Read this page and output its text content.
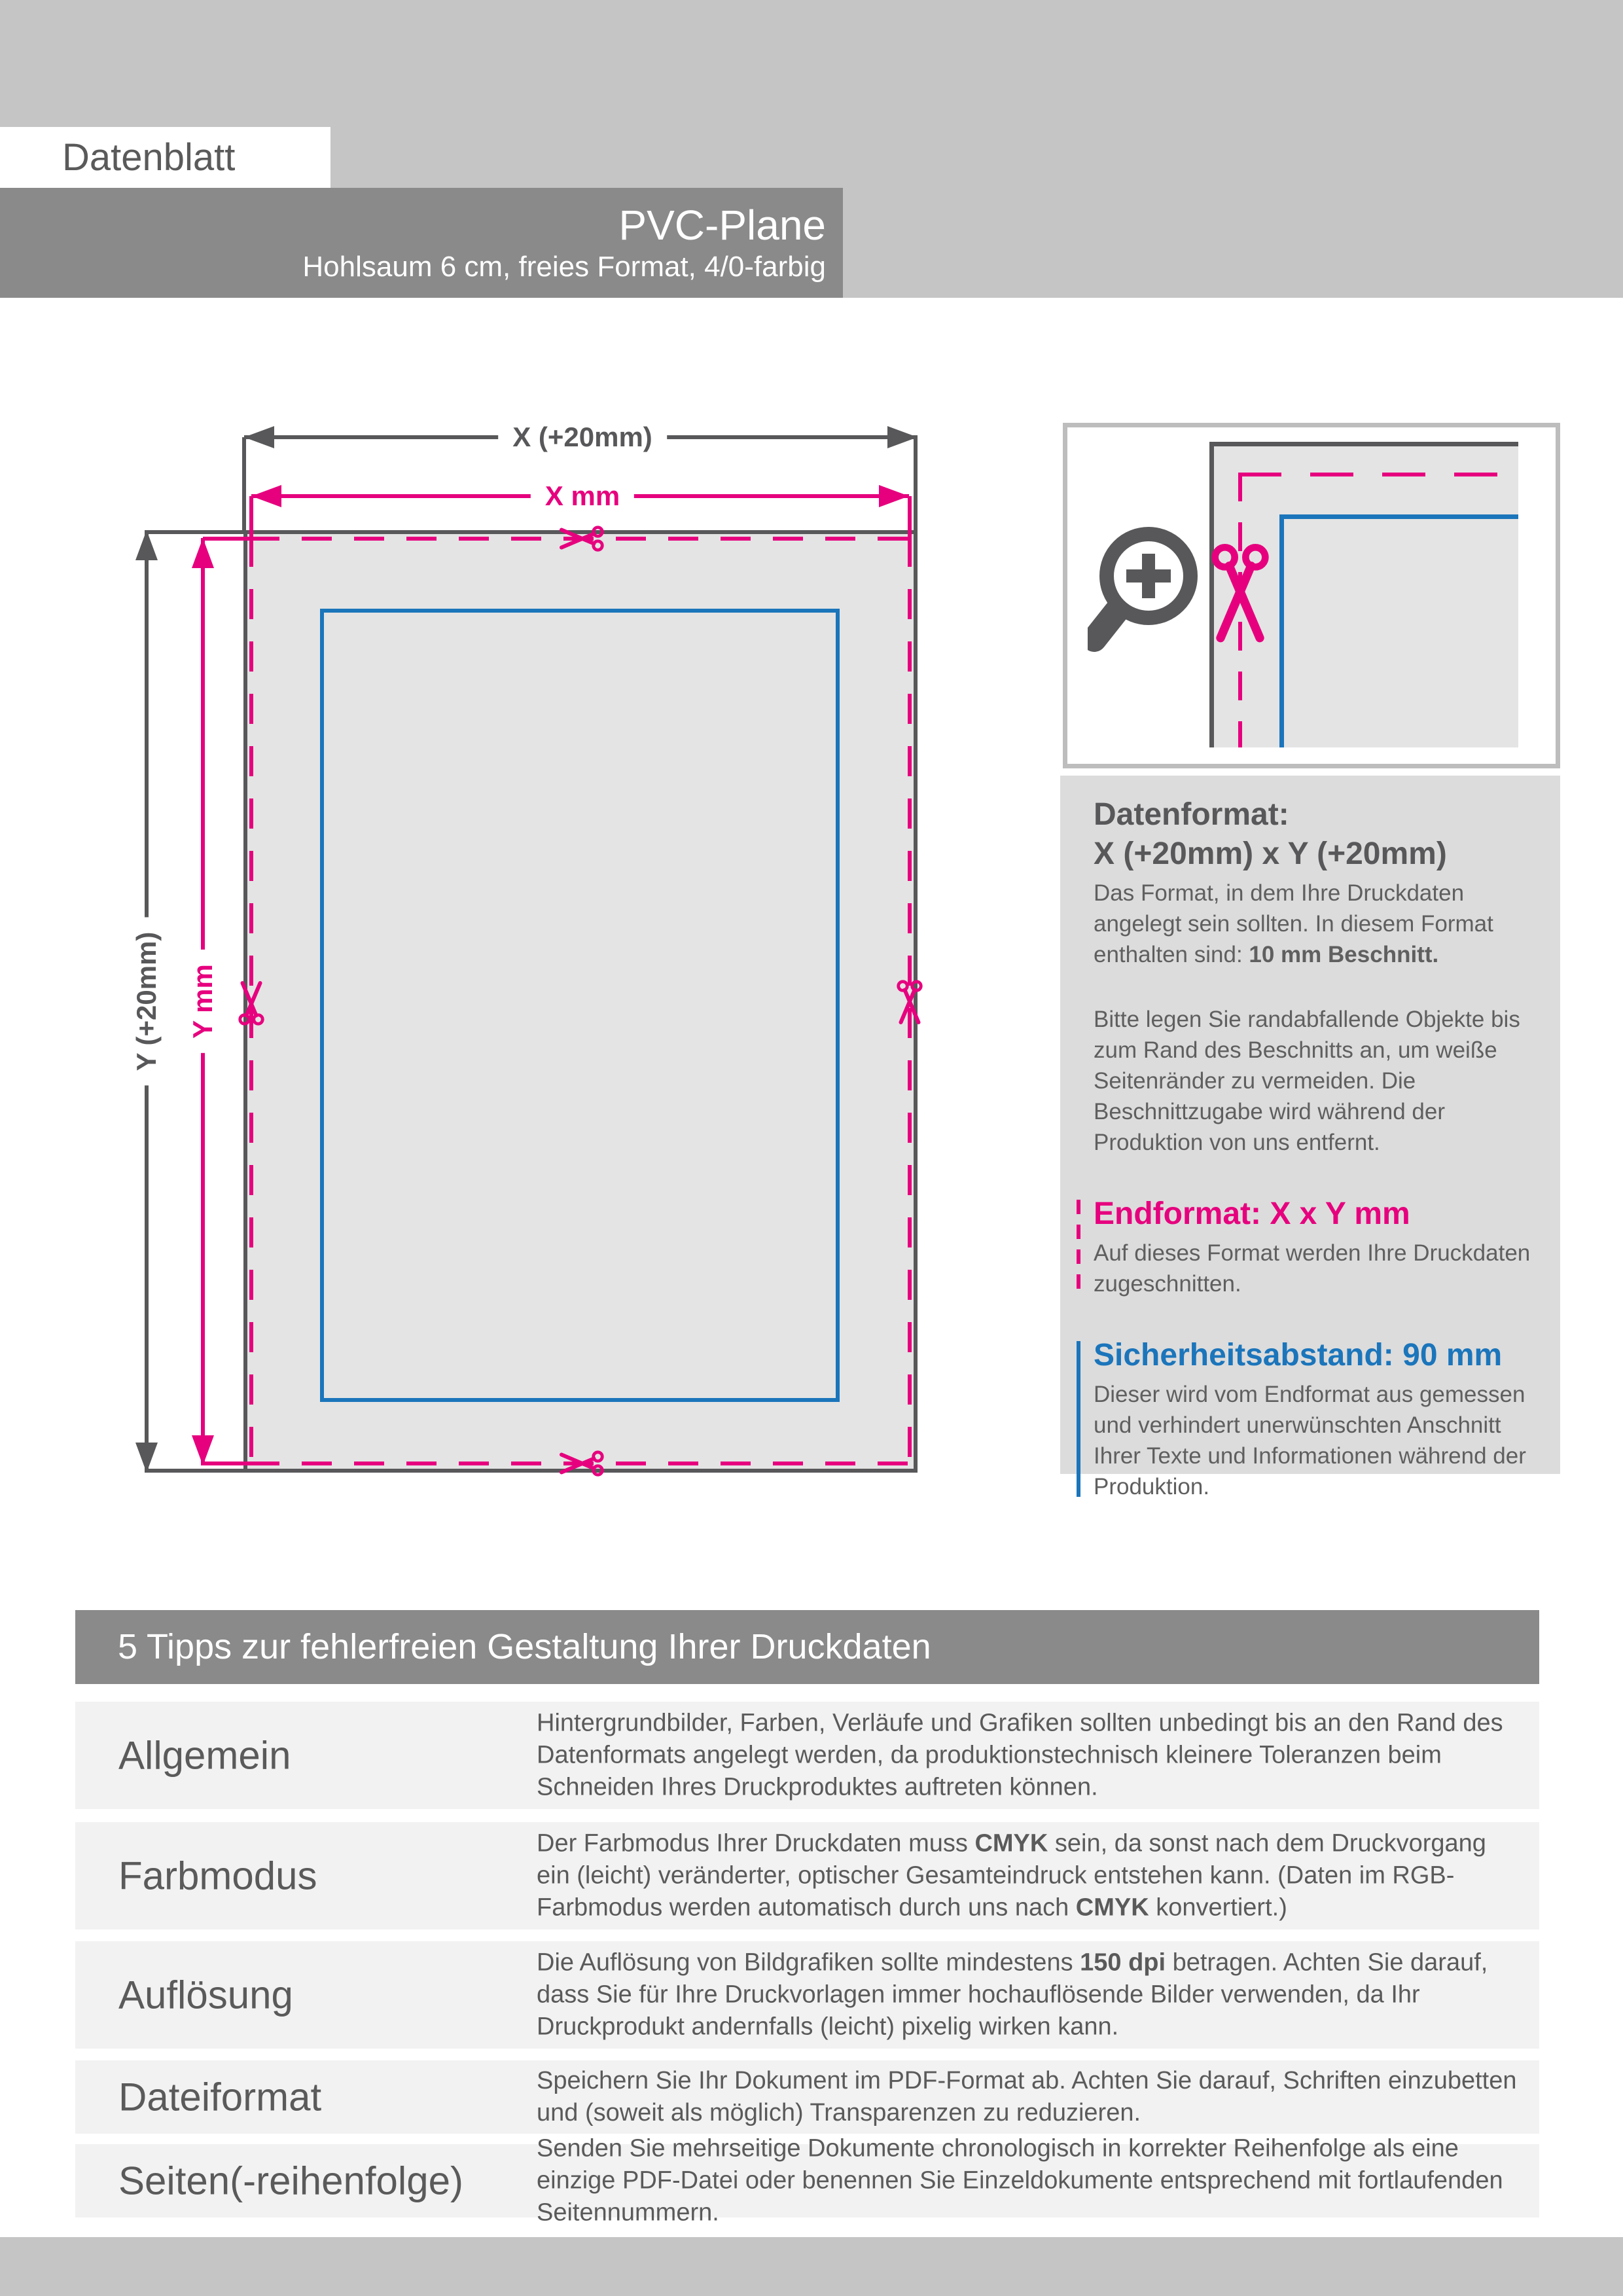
Datenblatt
PVC-Plane
Hohlsaum 6 cm, freies Format, 4/0-farbig
X (+20mm)
X mm
Y (+20mm) Y mm
Datenformat:
X (+20mm) x Y (+20mm)

Das Format, in dem Ihre Druckdaten angelegt sein sollten. In diesem Format enthalten sind: 10 mm Beschnitt.

Bitte legen Sie randabfallende Objekte bis zum Rand des Beschnitts an, um weiße Seitenränder zu vermeiden. Die Beschnittzugabe wird während der Produktion von uns entfernt.

Endformat: X x Y mm

Auf dieses Format werden Ihre Druckdaten zugeschnitten.

Sicherheitsabstand: 90 mm

Dieser wird vom Endformat aus gemessen und verhindert unerwünschten Anschnitt Ihrer Texte und Informationen während der Produktion.

5 Tipps zur fehlerfreien Gestaltung Ihrer Druckdaten
Allgemein
Hintergrundbilder, Farben, Verläufe und Grafiken sollten unbedingt bis an den Rand des Datenformats angelegt werden, da produktionstechnisch kleinere Toleranzen beim Schneiden Ihres Druckproduktes auftreten können.
Farbmodus
Der Farbmodus Ihrer Druckdaten muss CMYK sein, da sonst nach dem Druckvorgang ein (leicht) veränderter, optischer Gesamteindruck entstehen kann. (Daten im RGB-Farbmodus werden automatisch durch uns nach CMYK konvertiert.)
Auflösung
Die Auflösung von Bildgrafiken sollte mindestens 150 dpi betragen. Achten Sie darauf, dass Sie für Ihre Druckvorlagen immer hochauflösende Bilder verwenden, da Ihr Druckprodukt andernfalls (leicht) pixelig wirken kann.
Dateiformat	Speichern Sie Ihr Dokument im PDF-Format ab. Achten Sie darauf, Schriften einzubetten und (soweit als möglich) Transparenzen zu reduzieren.
Seiten(-reihenfolge)
Senden Sie mehrseitige Dokumente chronologisch in korrekter Reihenfolge als eine einzige PDF-Datei oder benennen Sie Einzeldokumente entsprechend mit fortlaufenden Seitennummern.
